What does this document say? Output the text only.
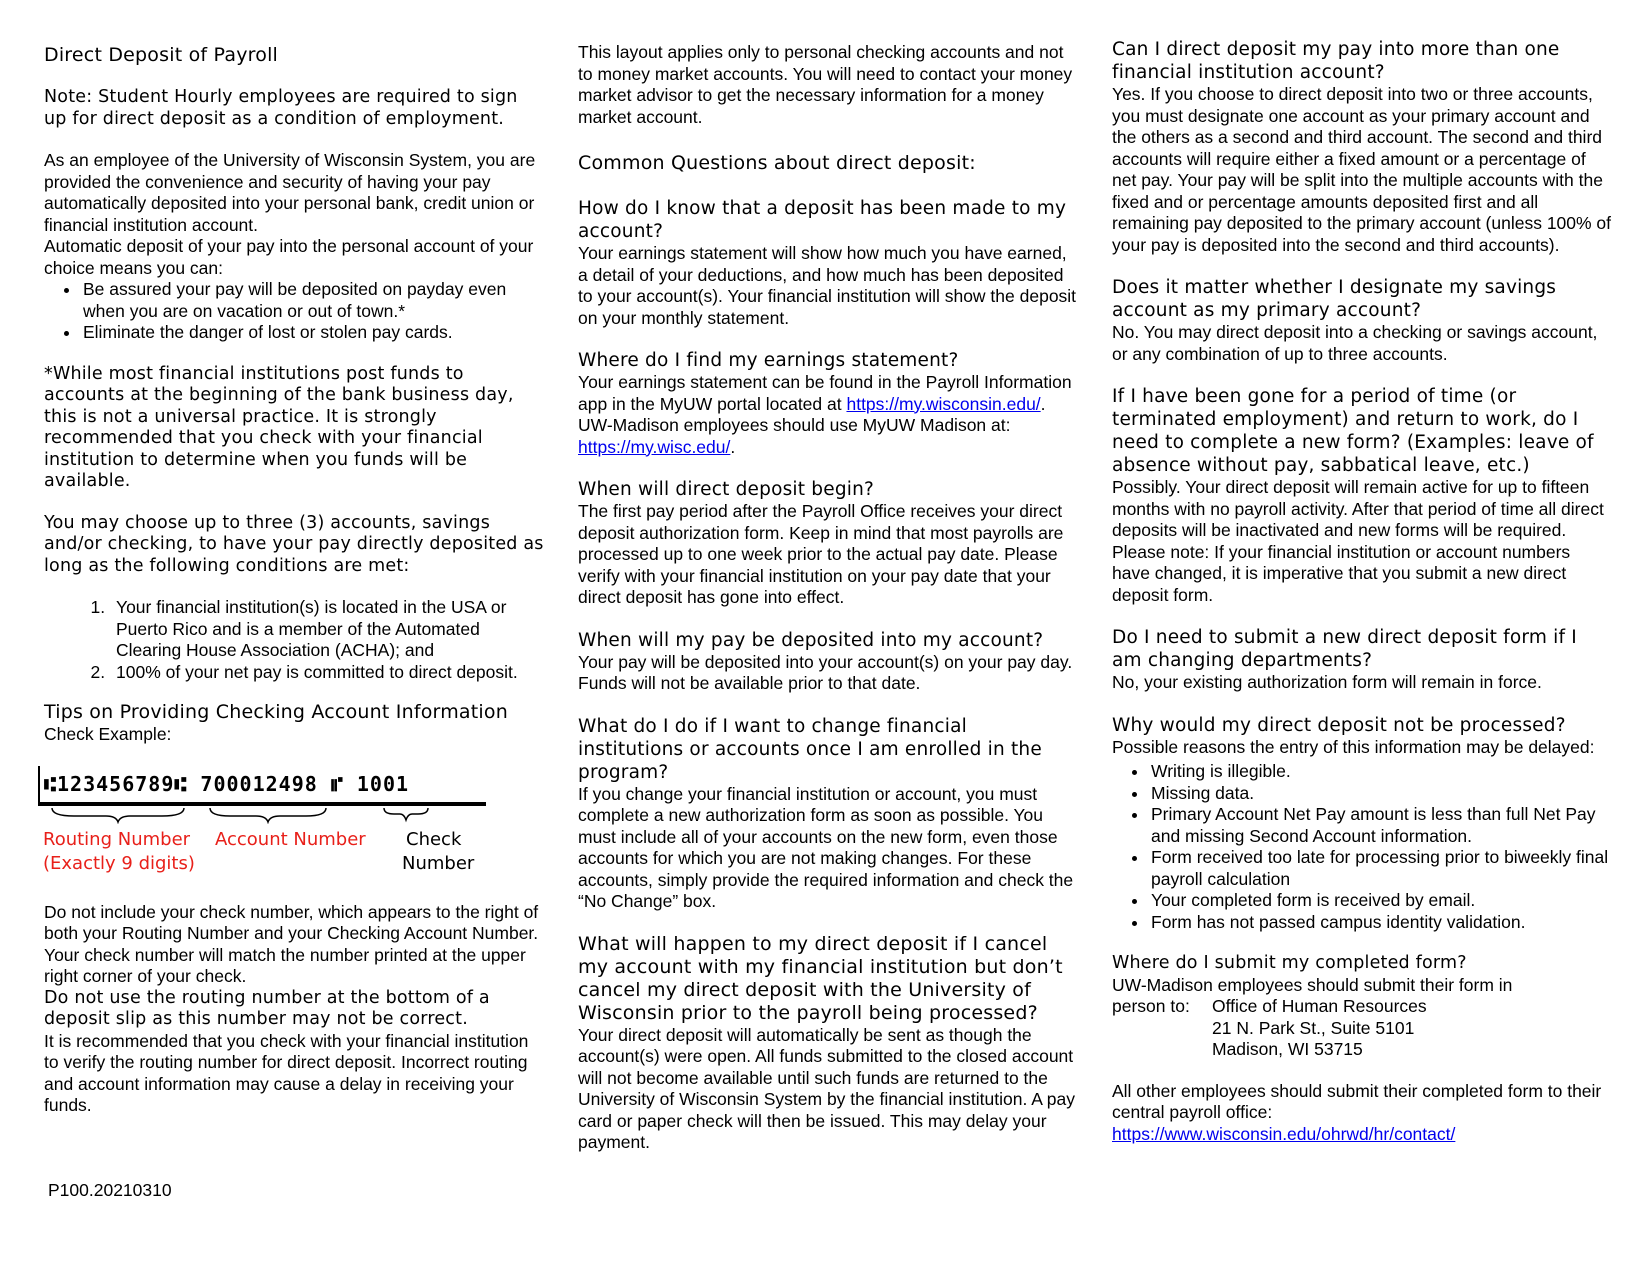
Direct Deposit of Payroll

Note: Student Hourly employees are required to sign up for direct deposit as a condition of employment.

As an employee of the University of Wisconsin System, you are provided the convenience and security of having your pay automatically deposited into your personal bank, credit union or financial institution account.

Automatic deposit of your pay into the personal account of your choice means you can:

• Be assured your pay will be deposited on payday even when you are on vacation or out of town.*
• Eliminate the danger of lost or stolen pay cards.

*While most financial institutions post funds to accounts at the beginning of the bank business day, this is not a universal practice. It is strongly recommended that you check with your financial institution to determine when you funds will be available.

You may choose up to three (3) accounts, savings and/or checking, to have your pay directly deposited as long as the following conditions are met:

1. Your financial institution(s) is located in the USA or Puerto Rico and is a member of the Automated Clearing House Association (ACHA); and
2. 100% of your net pay is committed to direct deposit.

Tips on Providing Checking Account Information

Check Example:

⑆123456789⑆ 700012498 ⑈ 1001
Routing Number
(Exactly 9 digits)
Account Number Check
Number

Do not include your check number, which appears to the right of both your Routing Number and your Checking Account Number. Your check number will match the number printed at the upper right corner of your check.

Do not use the routing number at the bottom of a deposit slip as this number may not be correct.

It is recommended that you check with your financial institution to verify the routing number for direct deposit. Incorrect routing and account information may cause a delay in receiving your funds.

P100.20210310

This layout applies only to personal checking accounts and not to money market accounts. You will need to contact your money market advisor to get the necessary information for a money market account.

Common Questions about direct deposit:

How do I know that a deposit has been made to my account?

Your earnings statement will show how much you have earned, a detail of your deductions, and how much has been deposited to your account(s). Your financial institution will show the deposit on your monthly statement.

Where do I find my earnings statement?

Your earnings statement can be found in the Payroll Information app in the MyUW portal located at https://my.wisconsin.edu/. UW-Madison employees should use MyUW Madison at: https://my.wisc.edu/.

When will direct deposit begin?

The first pay period after the Payroll Office receives your direct deposit authorization form. Keep in mind that most payrolls are processed up to one week prior to the actual pay date. Please verify with your financial institution on your pay date that your direct deposit has gone into effect.

When will my pay be deposited into my account?

Your pay will be deposited into your account(s) on your pay day. Funds will not be available prior to that date.

What do I do if I want to change financial institutions or accounts once I am enrolled in the program?

If you change your financial institution or account, you must complete a new authorization form as soon as possible. You must include all of your accounts on the new form, even those accounts for which you are not making changes. For these accounts, simply provide the required information and check the “No Change” box.

What will happen to my direct deposit if I cancel my account with my financial institution but don’t cancel my direct deposit with the University of Wisconsin prior to the payroll being processed?

Your direct deposit will automatically be sent as though the account(s) were open. All funds submitted to the closed account will not become available until such funds are returned to the University of Wisconsin System by the financial institution. A pay card or paper check will then be issued. This may delay your payment.

Can I direct deposit my pay into more than one financial institution account?

Yes. If you choose to direct deposit into two or three accounts, you must designate one account as your primary account and the others as a second and third account. The second and third accounts will require either a fixed amount or a percentage of net pay. Your pay will be split into the multiple accounts with the fixed and or percentage amounts deposited first and all remaining pay deposited to the primary account (unless 100% of your pay is deposited into the second and third accounts).

Does it matter whether I designate my savings account as my primary account?

No. You may direct deposit into a checking or savings account, or any combination of up to three accounts.

If I have been gone for a period of time (or terminated employment) and return to work, do I need to complete a new form? (Examples: leave of absence without pay, sabbatical leave, etc.)

Possibly. Your direct deposit will remain active for up to fifteen months with no payroll activity. After that period of time all direct deposits will be inactivated and new forms will be required. Please note: If your financial institution or account numbers have changed, it is imperative that you submit a new direct deposit form.

Do I need to submit a new direct deposit form if I am changing departments?

No, your existing authorization form will remain in force.

Why would my direct deposit not be processed?

Possible reasons the entry of this information may be delayed:

• Writing is illegible.
• Missing data.
• Primary Account Net Pay amount is less than full Net Pay and missing Second Account information.
• Form received too late for processing prior to biweekly final payroll calculation
• Your completed form is received by email.
• Form has not passed campus identity validation.

Where do I submit my completed form?

UW-Madison employees should submit their form in

person to:	Office of Human Resources
21 N. Park St., Suite 5101
Madison, WI 53715

All other employees should submit their completed form to their central payroll office:

https://www.wisconsin.edu/ohrwd/hr/contact/
